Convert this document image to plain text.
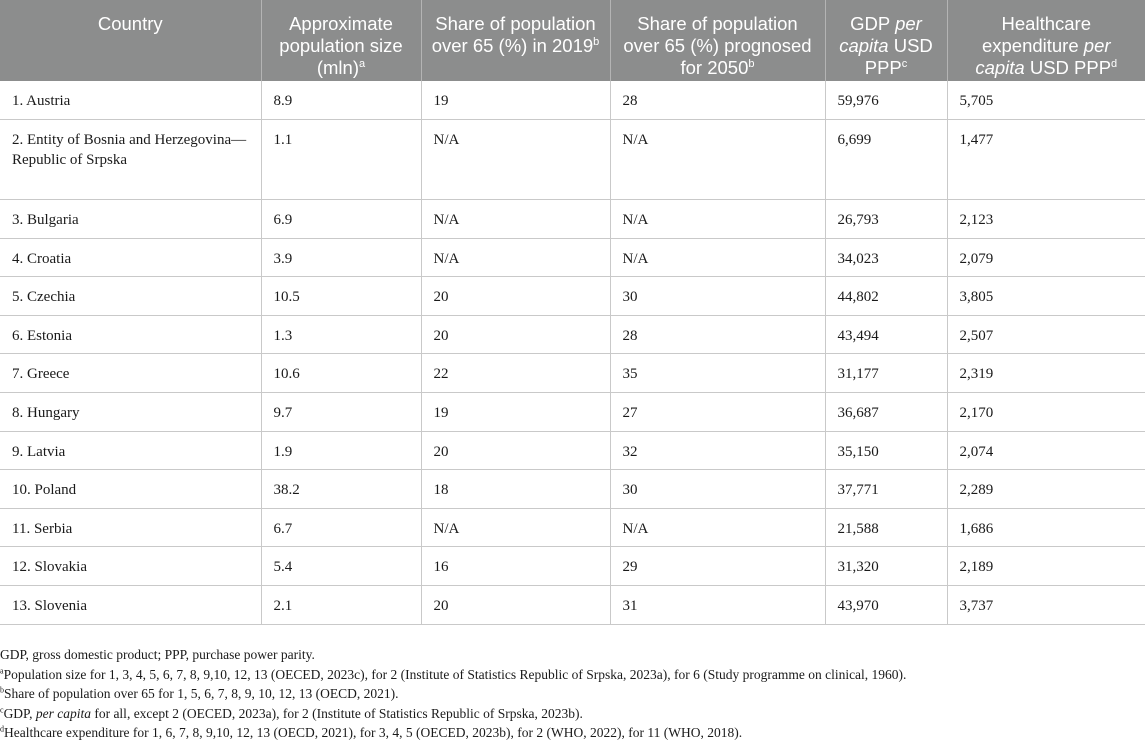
Country	Approximate population size $(mln)^a$	Share of population over 65 (%) in 2019$^b$	Share of population over 65 (%) prognosed for 2050$^b$	GDP per capita USD PPP$^c$	Healthcare expenditure per capita USD PPP$^d$
1. Austria	8.9	19	28	59,976	5,705
2. Entity of Bosnia and Herzegovina—Republic of Srpska	1.1	N/A	N/A	6,699	1,477
3. Bulgaria	6.9	N/A	N/A	26,793	2,123
4. Croatia	3.9	N/A	N/A	34,023	2,079
5. Czechia	10.5	20	30	44,802	3,805
6. Estonia	1.3	20	28	43,494	2,507
7. Greece	10.6	22	35	31,177	2,319
8. Hungary	9.7	19	27	36,687	2,170
9. Latvia	1.9	20	32	35,150	2,074
10. Poland	38.2	18	30	37,771	2,289
11. Serbia	6.7	N/A	N/A	21,588	1,686
12. Slovakia	5.4	16	29	31,320	2,189
13. Slovenia	2.1	20	31	43,970	3,737
GDP, gross domestic product; PPP, purchase power parity.
$^a$Population size for 1, 3, 4, 5, 6, 7, 8, 9,10, 12, 13 (OECED, 2023c), for 2 (Institute of Statistics Republic of Srpska, 2023a), for 6 (Study programme on clinical, 1960).
$^b$Share of population over 65 for 1, 5, 6, 7, 8, 9, 10, 12, 13 (OECD, 2021).
$^c$GDP, per capita for all, except 2 (OECED, 2023a), for 2 (Institute of Statistics Republic of Srpska, 2023b).
$^d$Healthcare expenditure for 1, 6, 7, 8, 9,10, 12, 13 (OECD, 2021), for 3, 4, 5 (OECED, 2023b), for 2 (WHO, 2022), for 11 (WHO, 2018).
